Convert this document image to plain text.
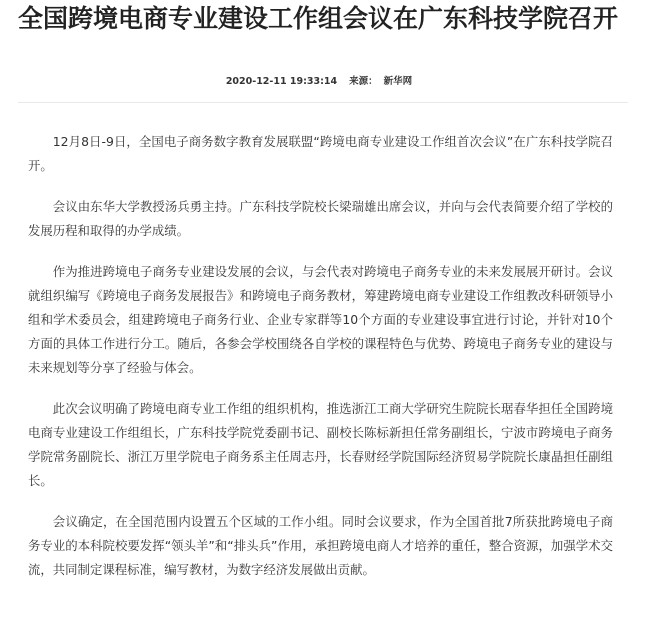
全国跨境电商专业建设工作组会议在广东科技学院召开
2020-12-11 19:33:14 来源： 新华网

12月8日-9日，全国电子商务数字教育发展联盟“跨境电商专业建设工作组首次会议”在广东科技学院召开。

会议由东华大学教授汤兵勇主持。广东科技学院校长梁瑞雄出席会议，并向与会代表简要介绍了学校的发展历程和取得的办学成绩。

作为推进跨境电子商务专业建设发展的会议，与会代表对跨境电子商务专业的未来发展展开研讨。会议就组织编写《跨境电子商务发展报告》和跨境电子商务教材，筹建跨境电商专业建设工作组教改科研领导小组和学术委员会，组建跨境电子商务行业、企业专家群等10个方面的专业建设事宜进行讨论，并针对10个方面的具体工作进行分工。随后，各参会学校围绕各自学校的课程特色与优势、跨境电子商务专业的建设与未来规划等分享了经验与体会。

此次会议明确了跨境电商专业工作组的组织机构，推选浙江工商大学研究生院院长琚春华担任全国跨境电商专业建设工作组组长，广东科技学院党委副书记、副校长陈标新担任常务副组长，宁波市跨境电子商务学院常务副院长、浙江万里学院电子商务系主任周志丹，长春财经学院国际经济贸易学院院长康晶担任副组长。

会议确定，在全国范围内设置五个区域的工作小组。同时会议要求，作为全国首批7所获批跨境电子商务专业的本科院校要发挥“领头羊”和“排头兵”作用，承担跨境电商人才培养的重任，整合资源，加强学术交流，共同制定课程标准，编写教材，为数字经济发展做出贡献。
